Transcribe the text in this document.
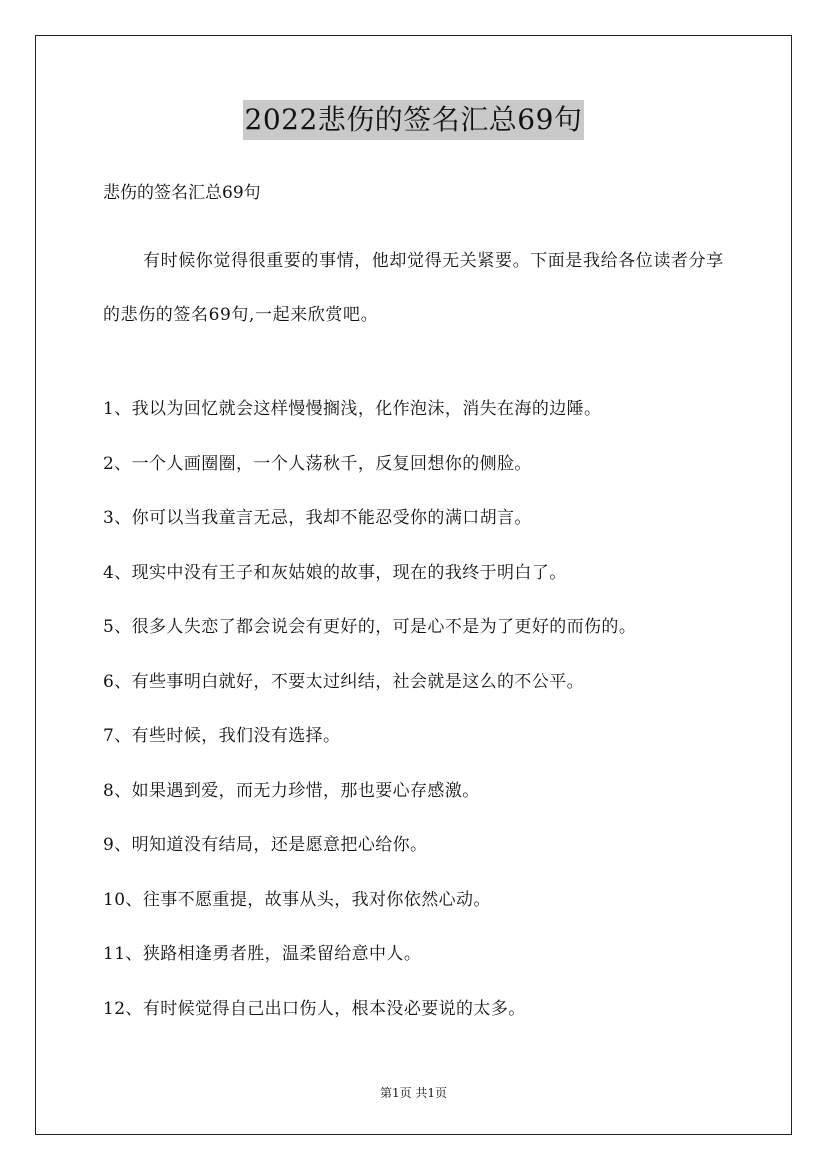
2022悲伤的签名汇总69句
悲伤的签名汇总69句
有时候你觉得很重要的事情，他却觉得无关紧要。下面是我给各位读者分享的悲伤的签名69句,一起来欣赏吧。
1、我以为回忆就会这样慢慢搁浅，化作泡沫，消失在海的边陲。
2、一个人画圈圈，一个人荡秋千，反复回想你的侧脸。
3、你可以当我童言无忌，我却不能忍受你的满口胡言。
4、现实中没有王子和灰姑娘的故事，现在的我终于明白了。
5、很多人失恋了都会说会有更好的，可是心不是为了更好的而伤的。
6、有些事明白就好，不要太过纠结，社会就是这么的不公平。
7、有些时候，我们没有选择。
8、如果遇到爱，而无力珍惜，那也要心存感激。
9、明知道没有结局，还是愿意把心给你。
10、往事不愿重提，故事从头，我对你依然心动。
11、狭路相逢勇者胜，温柔留给意中人。
12、有时候觉得自己出口伤人，根本没必要说的太多。
第1页 共1页
